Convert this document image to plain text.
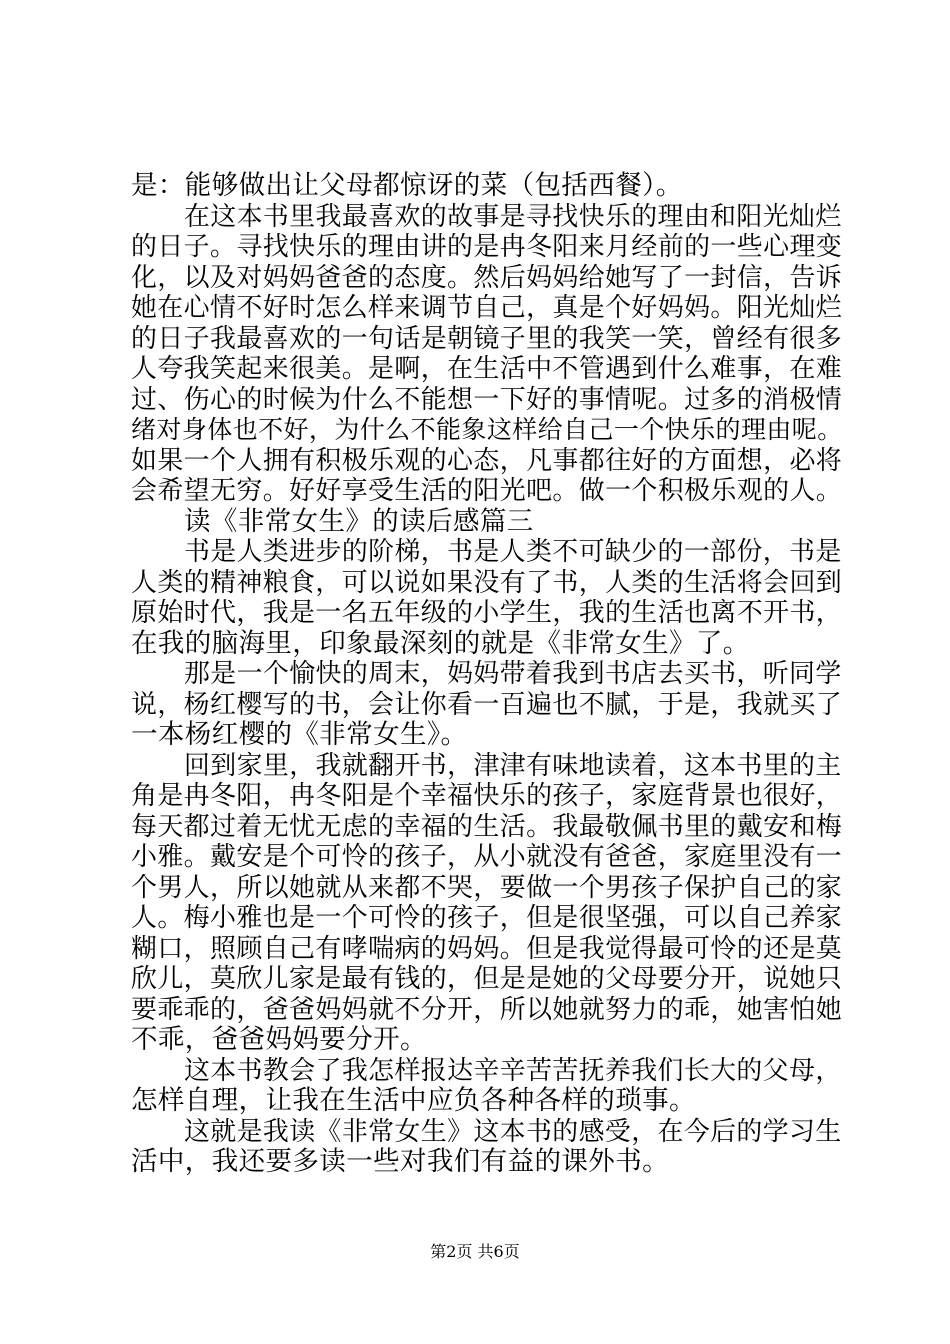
是：能够做出让父母都惊讶的菜（包括西餐）。
在这本书里我最喜欢的故事是寻找快乐的理由和阳光灿烂
的日子。寻找快乐的理由讲的是冉冬阳来月经前的一些心理变
化，以及对妈妈爸爸的态度。然后妈妈给她写了一封信，告诉
她在心情不好时怎么样来调节自己，真是个好妈妈。阳光灿烂
的日子我最喜欢的一句话是朝镜子里的我笑一笑，曾经有很多
人夸我笑起来很美。是啊，在生活中不管遇到什么难事，在难
过、伤心的时候为什么不能想一下好的事情呢。过多的消极情
绪对身体也不好，为什么不能象这样给自己一个快乐的理由呢。
如果一个人拥有积极乐观的心态，凡事都往好的方面想，必将
会希望无穷。好好享受生活的阳光吧。做一个积极乐观的人。
读《非常女生》的读后感篇三
书是人类进步的阶梯，书是人类不可缺少的一部份，书是
人类的精神粮食，可以说如果没有了书，人类的生活将会回到
原始时代，我是一名五年级的小学生，我的生活也离不开书，
在我的脑海里，印象最深刻的就是《非常女生》了。
那是一个愉快的周末，妈妈带着我到书店去买书，听同学
说，杨红樱写的书，会让你看一百遍也不腻，于是，我就买了
一本杨红樱的《非常女生》。
回到家里，我就翻开书，津津有味地读着，这本书里的主
角是冉冬阳，冉冬阳是个幸福快乐的孩子，家庭背景也很好，
每天都过着无忧无虑的幸福的生活。我最敬佩书里的戴安和梅
小雅。戴安是个可怜的孩子，从小就没有爸爸，家庭里没有一
个男人，所以她就从来都不哭，要做一个男孩子保护自己的家
人。梅小雅也是一个可怜的孩子，但是很坚强，可以自己养家
糊口，照顾自己有哮喘病的妈妈。但是我觉得最可怜的还是莫
欣儿，莫欣儿家是最有钱的，但是是她的父母要分开，说她只
要乖乖的，爸爸妈妈就不分开，所以她就努力的乖，她害怕她
不乖，爸爸妈妈要分开。
这本书教会了我怎样报达辛辛苦苦抚养我们长大的父母，
怎样自理，让我在生活中应负各种各样的琐事。
这就是我读《非常女生》这本书的感受，在今后的学习生
活中，我还要多读一些对我们有益的课外书。
第2页 共6页
